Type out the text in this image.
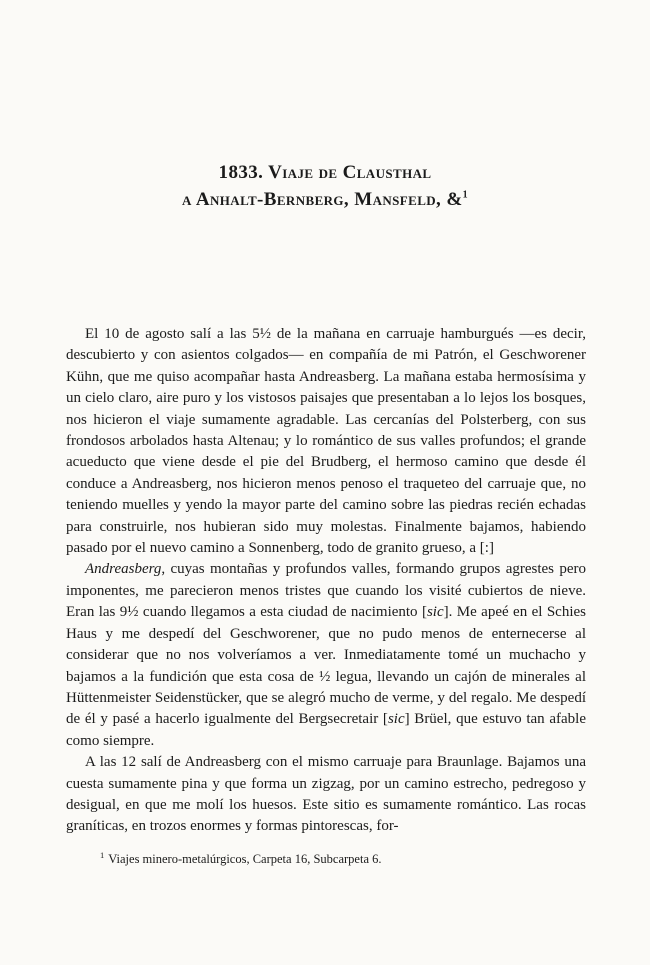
1833. Viaje de Clausthal
a Anhalt-Bernberg, Mansfeld, &$^1$

El 10 de agosto salí a las 5½ de la mañana en carruaje hamburgués —es decir, descubierto y con asientos colgados— en compañía de mi Patrón, el Geschworener Kühn, que me quiso acompañar hasta Andreasberg. La mañana estaba hermosísima y un cielo claro, aire puro y los vistosos paisajes que presentaban a lo lejos los bosques, nos hicieron el viaje sumamente agradable. Las cercanías del Polsterberg, con sus frondosos arbolados hasta Altenau; y lo romántico de sus valles profundos; el grande acueducto que viene desde el pie del Brudberg, el hermoso camino que desde él conduce a Andreasberg, nos hicieron menos penoso el traqueteo del carruaje que, no teniendo muelles y yendo la mayor parte del camino sobre las piedras recién echadas para construirle, nos hubieran sido muy molestas. Finalmente bajamos, habiendo pasado por el nuevo camino a Sonnenberg, todo de granito grueso, a [:]

Andreasberg, cuyas montañas y profundos valles, formando grupos agrestes pero imponentes, me parecieron menos tristes que cuando los visité cubiertos de nieve. Eran las 9½ cuando llegamos a esta ciudad de nacimiento [sic]. Me apeé en el Schies Haus y me despedí del Geschworener, que no pudo menos de enternecerse al considerar que no nos volveríamos a ver. Inmediatamente tomé un muchacho y bajamos a la fundición que esta cosa de ½ legua, llevando un cajón de minerales al Hüttenmeister Seidenstücker, que se alegró mucho de verme, y del regalo. Me despedí de él y pasé a hacerlo igualmente del Bergsecretair [sic] Brüel, que estuvo tan afable como siempre.

A las 12 salí de Andreasberg con el mismo carruaje para Braunlage. Bajamos una cuesta sumamente pina y que forma un zigzag, por un camino estrecho, pedregoso y desigual, en que me molí los huesos. Este sitio es sumamente romántico. Las rocas graníticas, en trozos enormes y formas pintorescas, for-

$^1$ Viajes minero-metalúrgicos, Carpeta 16, Subcarpeta 6.
